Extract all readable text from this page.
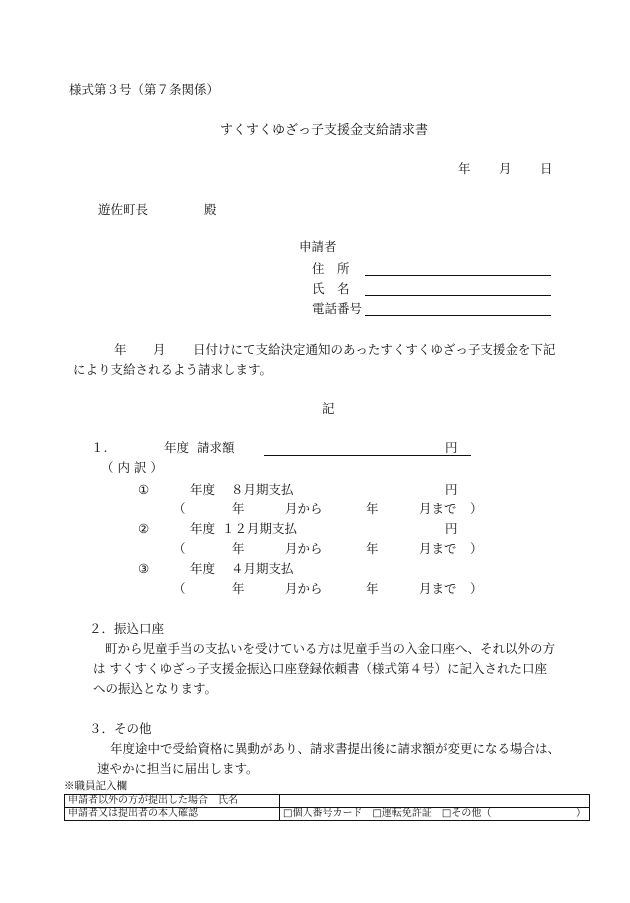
様式第３号（第７条関係）
すくすくゆざっ子支援金支給請求書
年 月 日
遊佐町長	殿
申請者
住　所
氏　名
電話番号
年 月 日付けにて支給決定通知のあったすくすくゆざっ子支援金を下記
により支給されるよう請求します。
記
１.	年度 請求額	円
（ 内 訳 ）
①	年度 ８月期支払	円
（	年	月から	年	月まで ）
②	年度 １２月期支払	円
（	年	月から	年	月まで ）
③	年度 ４月期支払
（	年	月から	年	月まで ）
２．振込口座
町から児童手当の支払いを受けている方は児童手当の入金口座へ、それ以外の方
は すくすくゆざっ子支援金振込口座登録依頼書（様式第４号）に記入された口座
への振込となります。
３．その他
年度途中で受給資格に異動があり、請求書提出後に請求額が変更になる場合は、
速やかに担当に届出します。
※職員記入欄
申請者以外の方が提出した場合　氏名	
申請者又は提出者の本人確認	□個人番号カード　□運転免許証　□その他（ ）
